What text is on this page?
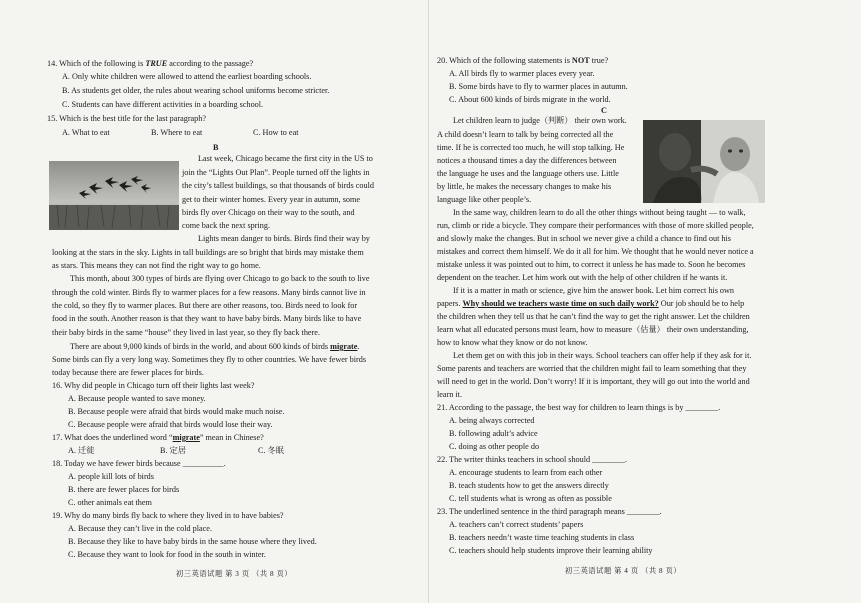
14. Which of the following is TRUE according to the passage?
A. Only white children were allowed to attend the earliest boarding schools.
B. As students get older, the rules about wearing school uniforms become stricter.
C. Students can have different activities in a boarding school.
15. Which is the best title for the last paragraph?
A. What to eat	B. Where to eat	C. How to eat
B
Last week, Chicago became the first city in the US to
join the “Lights Out Plan”. People turned off the lights in
the city’s tallest buildings, so that thousands of birds could
get to their winter homes. Every year in autumn, some
birds fly over Chicago on their way to the south, and
come back the next spring.
Lights mean danger to birds. Birds find their way by
looking at the stars in the sky. Lights in tall buildings are so bright that birds may mistake them
as stars. This means they can not find the right way to go home.
This month, about 300 types of birds are flying over Chicago to go back to the south to live
through the cold winter. Birds fly to warmer places for a few reasons. Many birds cannot live in
the cold, so they fly to warmer places. But there are other reasons, too. Birds need to look for
food in the south. Another reason is that they want to have baby birds. Many birds like to have
their baby birds in the same “house” they lived in last year, so they fly back there.
There are about 9,000 kinds of birds in the world, and about 600 kinds of birds migrate.
Some birds can fly a very long way. Sometimes they fly to other countries. We have fewer birds
today because there are fewer places for birds.
16. Why did people in Chicago turn off their lights last week?
A. Because people wanted to save money.
B. Because people were afraid that birds would make much noise.
C. Because people were afraid that birds would lose their way.
17. What does the underlined word “migrate” mean in Chinese?
A. 迁徙	B. 定居	C. 冬眠
18. Today we have fewer birds because __________.
A. people kill lots of birds
B. there are fewer places for birds
C. other animals eat them
19. Why do many birds fly back to where they lived in to have babies?
A. Because they can’t live in the cold place.
B. Because they like to have baby birds in the same house where they lived.
C. Because they want to look for food in the south in winter.
初三英语试题 第 3 页 （共 8 页）
20. Which of the following statements is NOT true?
A. All birds fly to warmer places every year.
B. Some birds have to fly to warmer places in autumn.
C. About 600 kinds of birds migrate in the world.
C
Let children learn to judge（判断） their own work.
A child doesn’t learn to talk by being corrected all the
time. If he is corrected too much, he will stop talking. He
notices a thousand times a day the differences between
the language he uses and the language others use. Little
by little, he makes the necessary changes to make his
language like other people’s.
In the same way, children learn to do all the other things without being taught — to walk,
run, climb or ride a bicycle. They compare their performances with those of more skilled people,
and slowly make the changes. But in school we never give a child a chance to find out his
mistakes and correct them himself. We do it all for him. We thought that he would never notice a
mistake unless it was pointed out to him, to correct it unless he has made to. Soon he becomes
dependent on the teacher. Let him work out with the help of other children if he wants it.
If it is a matter in math or science, give him the answer book. Let him correct his own
papers. Why should we teachers waste time on such daily work? Our job should be to help
the children when they tell us that he can’t find the way to get the right answer. Let the children
learn what all educated persons must learn, how to measure（估量） their own understanding,
how to know what they know or do not know.
Let them get on with this job in their ways. School teachers can offer help if they ask for it.
Some parents and teachers are worried that the children might fail to learn something that they
will need to get in the world. Don’t worry! If it is important, they will go out into the world and
learn it.
21. According to the passage, the best way for children to learn things is by ________.
A. being always corrected
B. following adult’s advice
C. doing as other people do
22. The writer thinks teachers in school should ________.
A. encourage students to learn from each other
B. teach students how to get the answers directly
C. tell students what is wrong as often as possible
23. The underlined sentence in the third paragraph means ________.
A. teachers can’t correct students’ papers
B. teachers needn’t waste time teaching students in class
C. teachers should help students improve their learning ability
初三英语试题 第 4 页 （共 8 页）
